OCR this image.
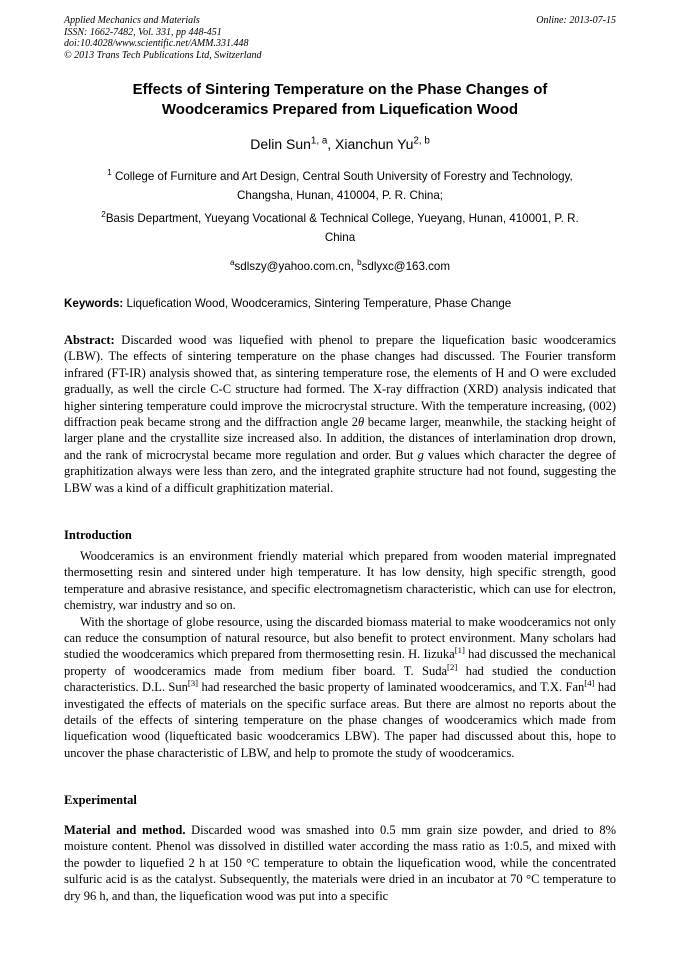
Applied Mechanics and Materials
ISSN: 1662-7482, Vol. 331, pp 448-451
doi:10.4028/www.scientific.net/AMM.331.448
© 2013 Trans Tech Publications Ltd, Switzerland
Online: 2013-07-15
Effects of Sintering Temperature on the Phase Changes of
Woodceramics Prepared from Liquefication Wood
Delin Sun$^{1, a}$, Xianchun Yu$^{2, b}$
$^1$ College of Furniture and Art Design, Central South University of Forestry and Technology,
Changsha, Hunan, 410004, P. R. China;
$^2$Basis Department, Yueyang Vocational & Technical College, Yueyang, Hunan, 410001, P. R.
China
$^a$sdlszy@yahoo.com.cn, $^b$sdlyxc@163.com
Keywords: Liquefication Wood, Woodceramics, Sintering Temperature, Phase Change
Abstract: Discarded wood was liquefied with phenol to prepare the liquefication basic woodceramics (LBW). The effects of sintering temperature on the phase changes had discussed. The Fourier transform infrared (FT-IR) analysis showed that, as sintering temperature rose, the elements of H and O were excluded gradually, as well the circle C-C structure had formed. The X-ray diffraction (XRD) analysis indicated that higher sintering temperature could improve the microcrystal structure. With the temperature increasing, (002) diffraction peak became strong and the diffraction angle 2θ became larger, meanwhile, the stacking height of larger plane and the crystallite size increased also. In addition, the distances of interlamination drop drown, and the rank of microcrystal became more regulation and order. But g values which character the degree of graphitization always were less than zero, and the integrated graphite structure had not found, suggesting the LBW was a kind of a difficult graphitization material.
Introduction

Woodceramics is an environment friendly material which prepared from wooden material impregnated thermosetting resin and sintered under high temperature. It has low density, high specific strength, good temperature and abrasive resistance, and specific electromagnetism characteristic, which can use for electron, chemistry, war industry and so on.

With the shortage of globe resource, using the discarded biomass material to make woodceramics not only can reduce the consumption of natural resource, but also benefit to protect environment. Many scholars had studied the woodceramics which prepared from thermosetting resin. H. Iizuka[1] had discussed the mechanical property of woodceramics made from medium fiber board. T. Suda[2] had studied the conduction characteristics. D.L. Sun[3] had researched the basic property of laminated woodceramics, and T.X. Fan[4] had investigated the effects of materials on the specific surface areas. But there are almost no reports about the details of the effects of sintering temperature on the phase changes of woodceramics which made from liquefication wood (liquefticated basic woodceramics LBW). The paper had discussed about this, hope to uncover the phase characteristic of LBW, and help to promote the study of woodceramics.

Experimental

Material and method. Discarded wood was smashed into 0.5 mm grain size powder, and dried to 8% moisture content. Phenol was dissolved in distilled water according the mass ratio as 1:0.5, and mixed with the powder to liquefied 2 h at 150 °C temperature to obtain the liquefication wood, while the concentrated sulfuric acid is as the catalyst. Subsequently, the materials were dried in an incubator at 70 °C temperature to dry 96 h, and than, the liquefication wood was put into a specific
